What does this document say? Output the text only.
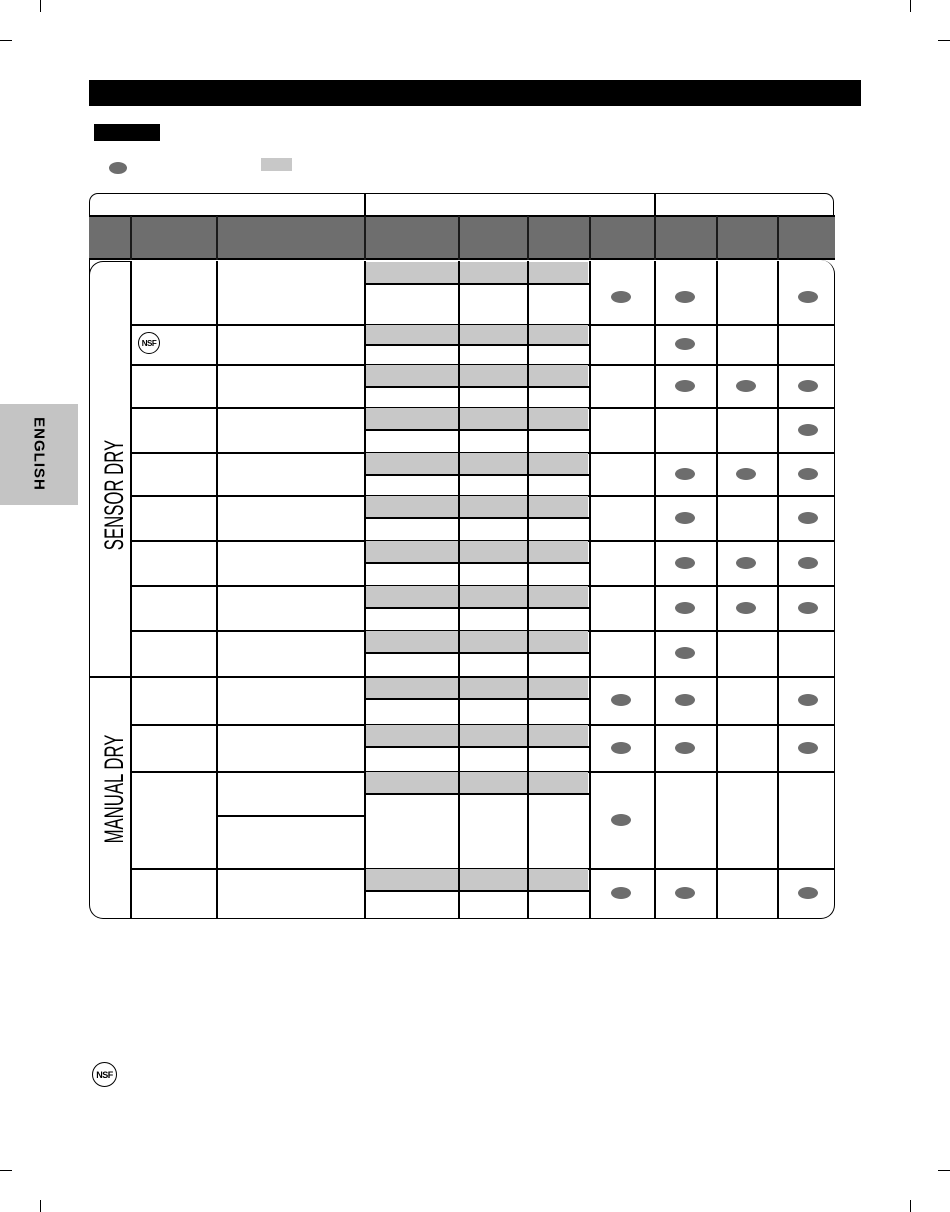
ENGLISH
NSF
SENSOR DRY
MANUAL DRY
NSF
